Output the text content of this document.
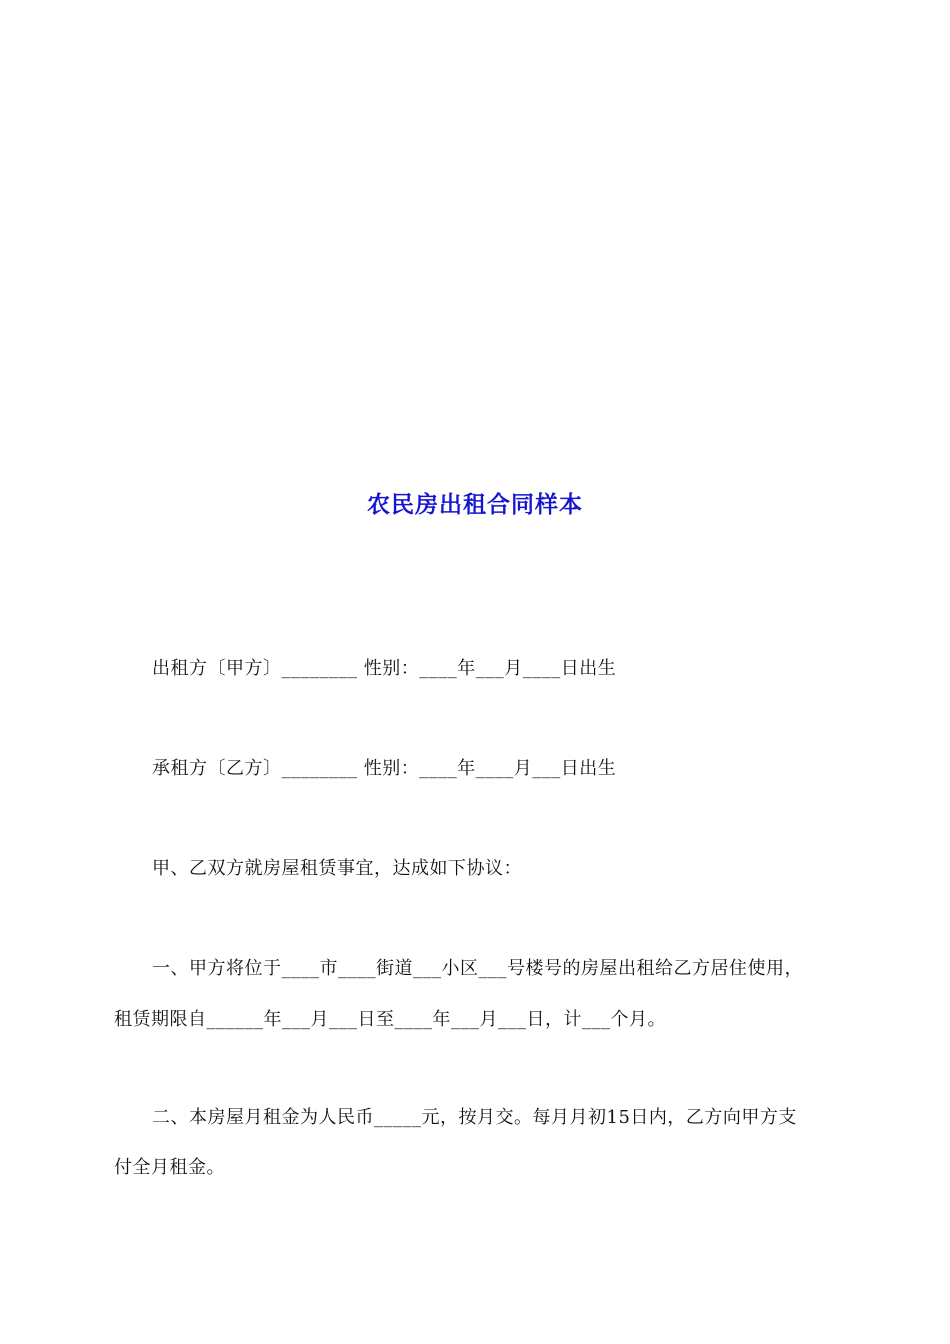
农民房出租合同样本
出租方〔甲方〕________ 性别：____年___月____日出生
承租方〔乙方〕________ 性别：____年____月___日出生
甲、乙双方就房屋租赁事宜，达成如下协议：
一、甲方将位于____市____街道___小区___号楼号的房屋出租给乙方居住使用，
租赁期限自______年___月___日至____年___月___日，计___个月。
二、本房屋月租金为人民币_____元，按月交。每月月初15日内，乙方向甲方支
付全月租金。
